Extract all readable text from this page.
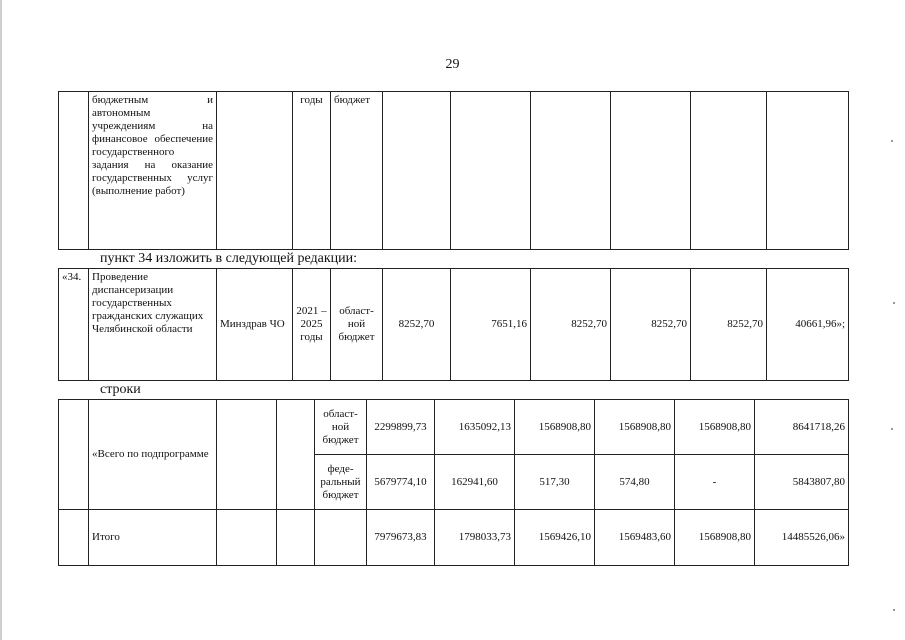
29
	бюджетным и автономным учреждениям на финансовое обеспечение государственного задания на оказание государственных услуг (выполнение работ)		годы	бюджет						
пункт 34 изложить в следующей редакции:
«34.	Проведение диспансеризации государственных гражданских служащих Челябинской области	Минздрав ЧО	2021 – 2025 годы	област-ной бюджет	8252,70	7651,16	8252,70	8252,70	8252,70	40661,96»;
строки
	«Всего по подпрограмме			област-ной бюджет	2299899,73	1635092,13	1568908,80	1568908,80	1568908,80	8641718,26
				феде-ральный бюджет	5679774,10	162941,60	517,30	574,80	-	5843807,80
	Итого				7979673,83	1798033,73	1569426,10	1569483,60	1568908,80	14485526,06»
